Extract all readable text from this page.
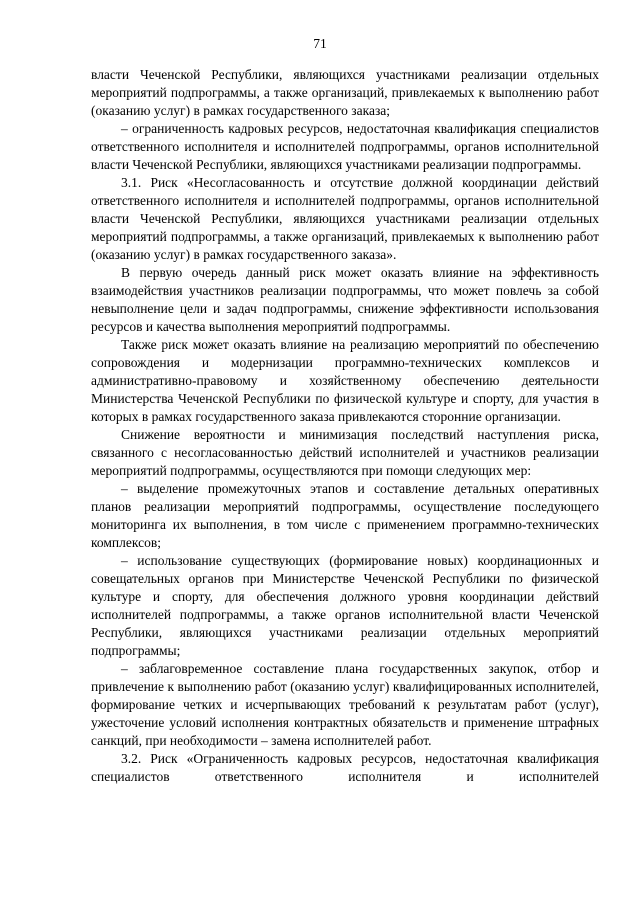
71

власти Чеченской Республики, являющихся участниками реализации отдельных мероприятий подпрограммы, а также организаций, привлекаемых к выполнению работ (оказанию услуг) в рамках государственного заказа;

– ограниченность кадровых ресурсов, недостаточная квалификация специалистов ответственного исполнителя и исполнителей подпрограммы, органов исполнительной власти Чеченской Республики, являющихся участниками реализации подпрограммы.

3.1. Риск «Несогласованность и отсутствие должной координации действий ответственного исполнителя и исполнителей подпрограммы, органов исполнительной власти Чеченской Республики, являющихся участниками реализации отдельных мероприятий подпрограммы, а также организаций, привлекаемых к выполнению работ (оказанию услуг) в рамках государственного заказа».

В первую очередь данный риск может оказать влияние на эффективность взаимодействия участников реализации подпрограммы, что может повлечь за собой невыполнение цели и задач подпрограммы, снижение эффективности использования ресурсов и качества выполнения мероприятий подпрограммы.

Также риск может оказать влияние на реализацию мероприятий по обеспечению сопровождения и модернизации программно-технических комплексов и административно-правовому и хозяйственному обеспечению деятельности Министерства Чеченской Республики по физической культуре и спорту, для участия в которых в рамках государственного заказа привлекаются сторонние организации.

Снижение вероятности и минимизация последствий наступления риска, связанного с несогласованностью действий исполнителей и участников реализации мероприятий подпрограммы, осуществляются при помощи следующих мер:

– выделение промежуточных этапов и составление детальных оперативных планов реализации мероприятий подпрограммы, осуществление последующего мониторинга их выполнения, в том числе с применением программно-технических комплексов;

– использование существующих (формирование новых) координационных и совещательных органов при Министерстве Чеченской Республики по физической культуре и спорту, для обеспечения должного уровня координации действий исполнителей подпрограммы, а также органов исполнительной власти Чеченской Республики, являющихся участниками реализации отдельных мероприятий подпрограммы;

– заблаговременное составление плана государственных закупок, отбор и привлечение к выполнению работ (оказанию услуг) квалифицированных исполнителей, формирование четких и исчерпывающих требований к результатам работ (услуг), ужесточение условий исполнения контрактных обязательств и применение штрафных санкций, при необходимости – замена исполнителей работ.

3.2. Риск «Ограниченность кадровых ресурсов, недостаточная квалификация специалистов ответственного исполнителя и исполнителей
